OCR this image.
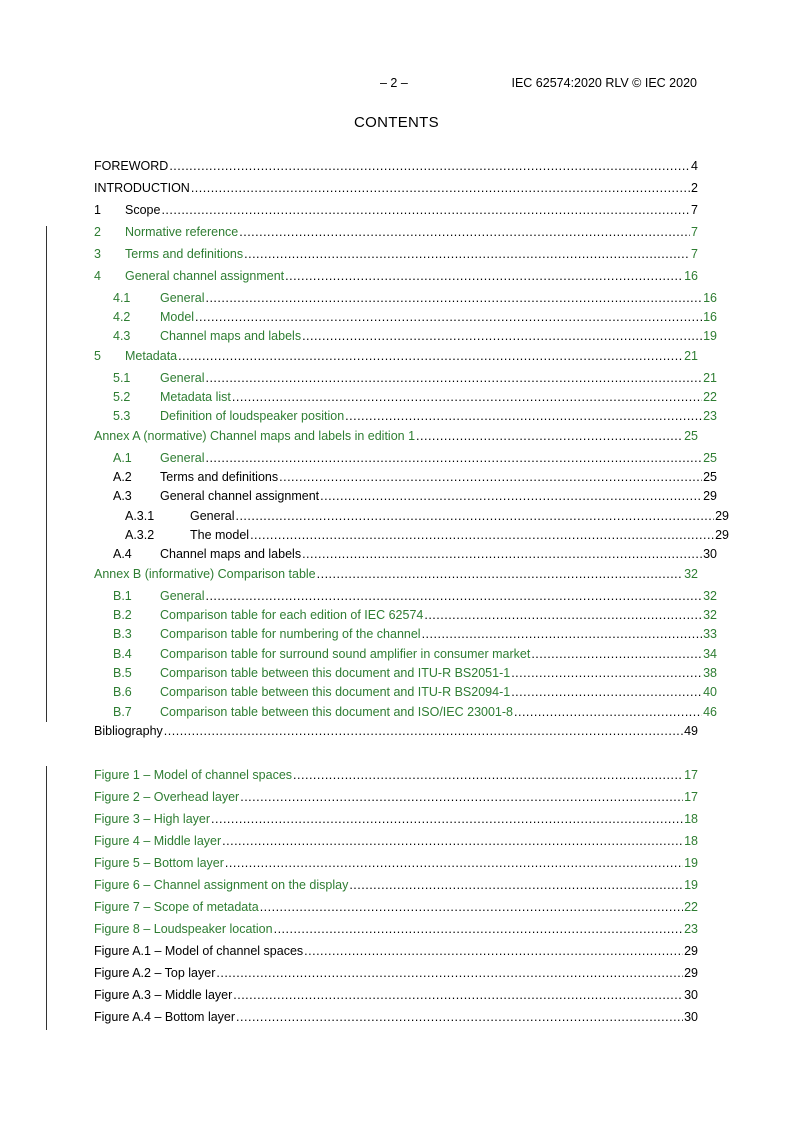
– 2 –	IEC 62574:2020 RLV © IEC 2020
CONTENTS
FOREWORD .....	4
INTRODUCTION .....	2
1	Scope .....	7
2	Normative reference .....	7
3	Terms and definitions .....	7
4	General channel assignment .....	16
4.1	General .....	16
4.2	Model .....	16
4.3	Channel maps and labels .....	19
5	Metadata .....	21
5.1	General .....	21
5.2	Metadata list .....	22
5.3	Definition of loudspeaker position .....	23
Annex A (normative) Channel maps and labels in edition 1 .....	25
A.1	General .....	25
A.2	Terms and definitions .....	25
A.3	General channel assignment .....	29
A.3.1	General .....	29
A.3.2	The model .....	29
A.4	Channel maps and labels .....	30
Annex B (informative) Comparison table .....	32
B.1	General .....	32
B.2	Comparison table for each edition of IEC 62574 .....	32
B.3	Comparison table for numbering of the channel .....	33
B.4	Comparison table for surround sound amplifier in consumer market .....	34
B.5	Comparison table between this document and ITU-R BS2051-1 .....	38
B.6	Comparison table between this document and ITU-R BS2094-1 .....	40
B.7	Comparison table between this document and ISO/IEC 23001-8 .....	46
Bibliography .....	49
Figure 1 – Model of channel spaces .....	17
Figure 2 – Overhead layer .....	17
Figure 3 – High layer .....	18
Figure 4 – Middle layer .....	18
Figure 5 – Bottom layer .....	19
Figure 6 – Channel assignment on the display .....	19
Figure 7 – Scope of metadata .....	22
Figure 8 – Loudspeaker location .....	23
Figure A.1 – Model of channel spaces .....	29
Figure A.2 – Top layer .....	29
Figure A.3 – Middle layer .....	30
Figure A.4 – Bottom layer .....	30
